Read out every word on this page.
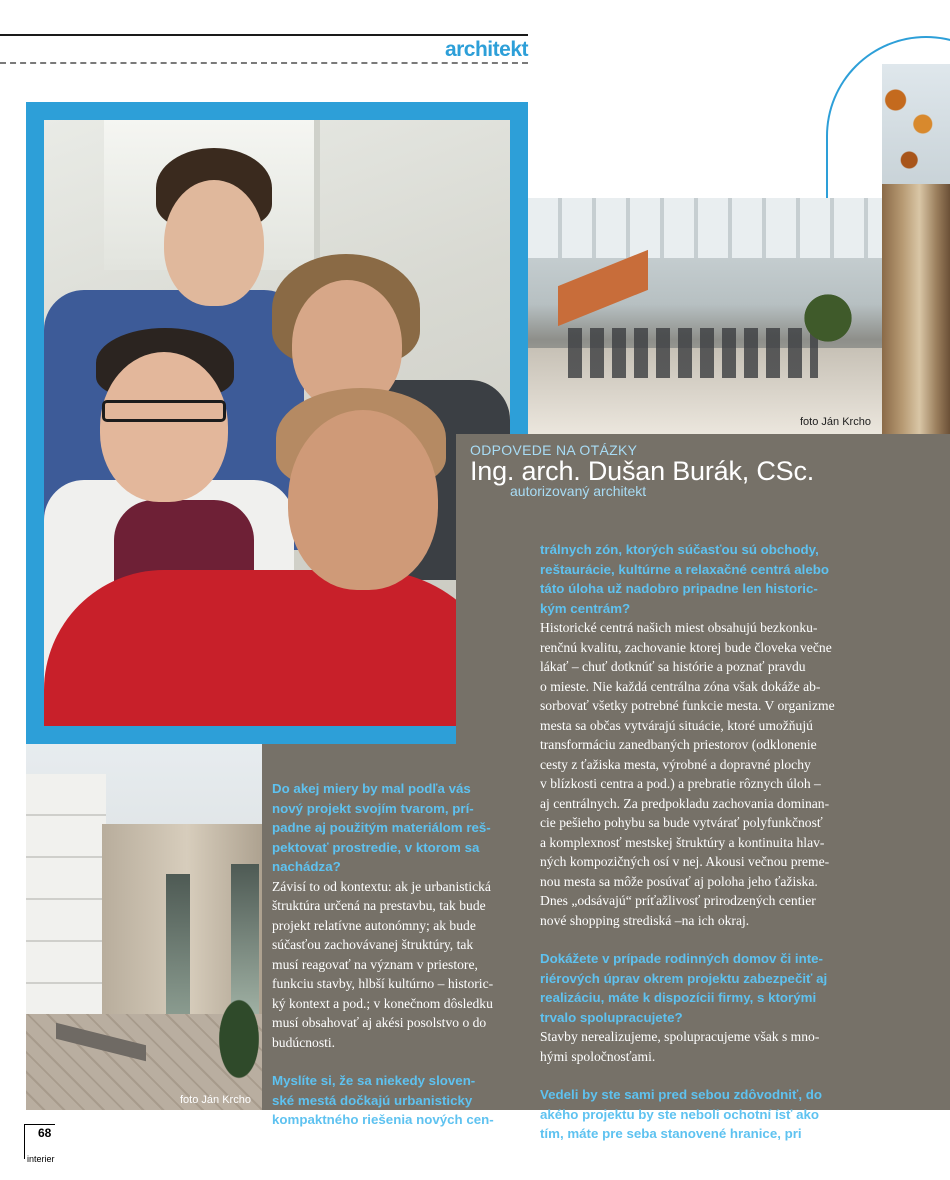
architekt
foto Ján Krcho
ODPOVEDE NA OTÁZKY
Ing. arch. Dušan Burák, CSc.
autorizovaný architekt
foto Ján Krcho
Do akej miery by mal podľa vás
nový projekt svojím tvarom, prí-
padne aj použitým materiálom reš-
pektovať prostredie, v ktorom sa
nachádza?
Závisí to od kontextu: ak je urbanistická
štruktúra určená na prestavbu, tak bude
projekt relatívne autonómny; ak bude
súčasťou zachovávanej štruktúry, tak
musí reagovať na význam v priestore,
funkciu stavby, hlbší kultúrno – historic-
ký kontext a pod.; v konečnom dôsledku
musí obsahovať aj akési posolstvo o do
budúcnosti.
Myslíte si, že sa niekedy sloven-
ské mestá dočkajú urbanisticky
kompaktného riešenia nových cen-
trálnych zón, ktorých súčasťou sú obchody,
reštaurácie, kultúrne a relaxačné centrá alebo
táto úloha už nadobro pripadne len historic-
kým centrám?
Historické centrá našich miest obsahujú bezkonku-
renčnú kvalitu, zachovanie ktorej bude človeka večne
lákať – chuť dotknúť sa histórie a poznať pravdu
o mieste. Nie každá centrálna zóna však dokáže ab-
sorbovať všetky potrebné funkcie mesta. V organizme
mesta sa občas vytvárajú situácie, ktoré umožňujú
transformáciu zanedbaných priestorov (odklonenie
cesty z ťažiska mesta, výrobné a dopravné plochy
v blízkosti centra a pod.) a prebratie rôznych úloh –
aj centrálnych. Za predpokladu zachovania dominan-
cie pešieho pohybu sa bude vytvárať polyfunkčnosť
a komplexnosť mestskej štruktúry a kontinuita hlav-
ných kompozičných osí v nej. Akousi večnou preme-
nou mesta sa môže posúvať aj poloha jeho ťažiska.
Dnes „odsávajú“ príťažlivosť prirodzených centier
nové shopping strediská –na ich okraj.
Dokážete v prípade rodinných domov či inte-
riérových úprav okrem projektu zabezpečiť aj
realizáciu, máte k dispozícii firmy, s ktorými
trvalo spolupracujete?
Stavby nerealizujeme, spolupracujeme však s mno-
hými spoločnosťami.
Vedeli by ste sami pred sebou zdôvodniť, do
akého projektu by ste neboli ochotní ísť ako
tím, máte pre seba stanovené hranice, pri
68
interier
